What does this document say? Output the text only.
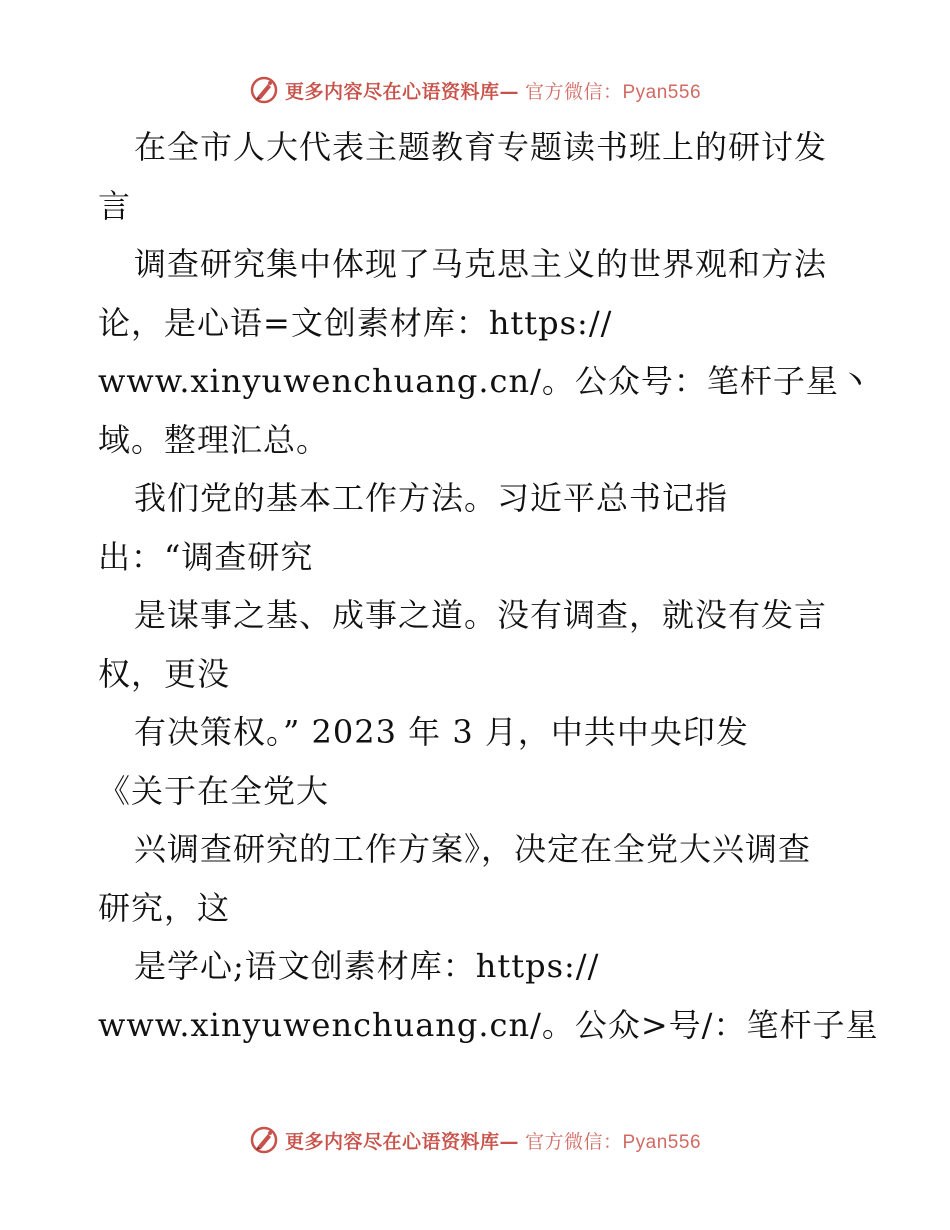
更多内容尽在心语资料库— 官方微信：Pyan556
在全市人大代表主题教育专题读书班上的研讨发
言
调查研究集中体现了马克思主义的世界观和方法
论，是心语=文创素材库：https://
www.xinyuwenchuang.cn/。公众号：笔杆子星丶
域。整理汇总。
我们党的基本工作方法。习近平总书记指
出：“调查研究
是谋事之基、成事之道。没有调查，就没有发言
权，更没
有决策权。” 2023 年 3 月，中共中央印发
《关于在全党大
兴调查研究的工作方案》，决定在全党大兴调查
研究，这
是学心;语文创素材库：https://
www.xinyuwenchuang.cn/。公众>号/：笔杆子星
更多内容尽在心语资料库— 官方微信：Pyan556
